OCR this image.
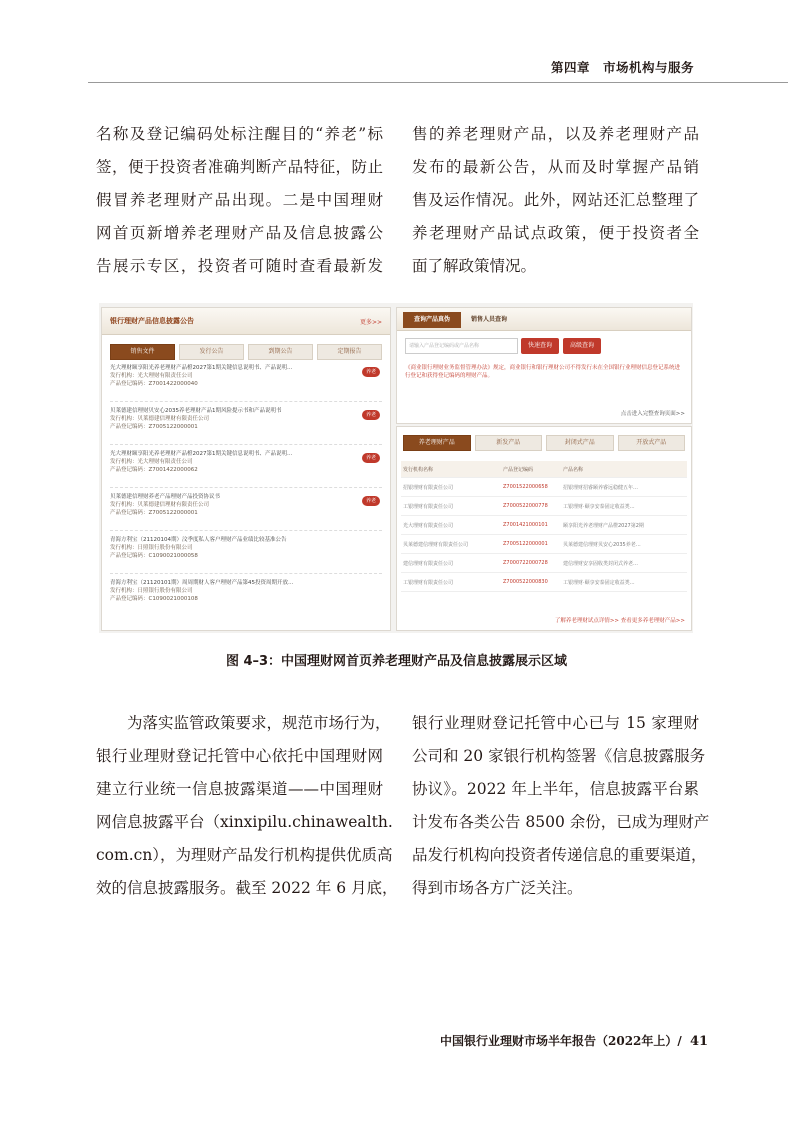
第四章　市场机构与服务

名称及登记编码处标注醒目的“养老”标

签，便于投资者准确判断产品特征，防止

假冒养老理财产品出现。二是中国理财

网首页新增养老理财产品及信息披露公

告展示专区，投资者可随时查看最新发

售的养老理财产品，以及养老理财产品

发布的最新公告，从而及时掌握产品销

售及运作情况。此外，网站还汇总整理了

养老理财产品试点政策，便于投资者全

面了解政策情况。

银行理财产品信息披露公告	更多>>
销售文件	发行公告	到期公告	定期报告
光大理财颐享阳光养老理财产品橙2027第1期关键信息说明书、产品说明…
发行机构：光大理财有限责任公司
产品登记编码：Z7001422000040
养老
贝莱德建信理财贝安心2035养老理财产品1期风险提示书和产品说明书
发行机构：贝莱德建信理财有限责任公司
产品登记编码：Z7005122000001
养老
光大理财颐享阳光养老理财产品橙2027第1期关键信息说明书、产品说明…
发行机构：光大理财有限责任公司
产品登记编码：Z7001422000062
养老
贝莱德建信理财养老产品理财产品投资协议书
发行机构：贝莱德建信理财有限责任公司
产品登记编码：Z7005122000001
养老
青海方利宝（21120104期）汶季度私人客户理财产品业绩比较基准公告
发行机构：日照银行股份有限公司
产品登记编码：C1090021000058
青海方利宝（21120101期）周周期财人客户理财产品第45投资周期开放…
发行机构：日照银行股份有限公司
产品登记编码：C1090021000108
查询产品真伪	销售人员查询
请输入产品登记编码或产品名称	快速查询	高级查询
《商业银行理财业务监督管理办法》规定，商业银行和银行理财公司不得发行未在全国银行业理财信息登记系统进行登记和获得登记编码的理财产品。
点击进入完整查询页面>>
养老理财产品	新发产品	封闭式产品	开放式产品
发行机构名称	产品登记编码	产品名称
招银理财有限责任公司	Z7001522000658	招银理财招睿颐养睿远稳健五年…
工银理财有限责任公司	Z7000522000778	工银理财·颐享安泰固定收益类…
光大理财有限责任公司	Z7001421000101	颐享阳光养老理财产品橙2027第2期
贝莱德建信理财有限责任公司	Z7005122000001	贝莱德建信理财贝安心2035养老…
建信理财有限责任公司	Z7000722000728	建信理财安享固收类封闭式养老…
工银理财有限责任公司	Z7000522000830	工银理财·颐享安泰固定收益类…
了解养老理财试点详情>> 查看更多养老理财产品>>
图 4–3：中国理财网首页养老理财产品及信息披露展示区域

　　为落实监管政策要求，规范市场行为，

银行业理财登记托管中心依托中国理财网

建立行业统一信息披露渠道——中国理财

网信息披露平台（xinxipilu.chinawealth.

com.cn），为理财产品发行机构提供优质高

效的信息披露服务。截至 2022 年 6 月底，

银行业理财登记托管中心已与 15 家理财

公司和 20 家银行机构签署《信息披露服务

协议》。2022 年上半年，信息披露平台累

计发布各类公告 8500 余份，已成为理财产

品发行机构向投资者传递信息的重要渠道，

得到市场各方广泛关注。

中国银行业理财市场半年报告（2022年上）/ 41
